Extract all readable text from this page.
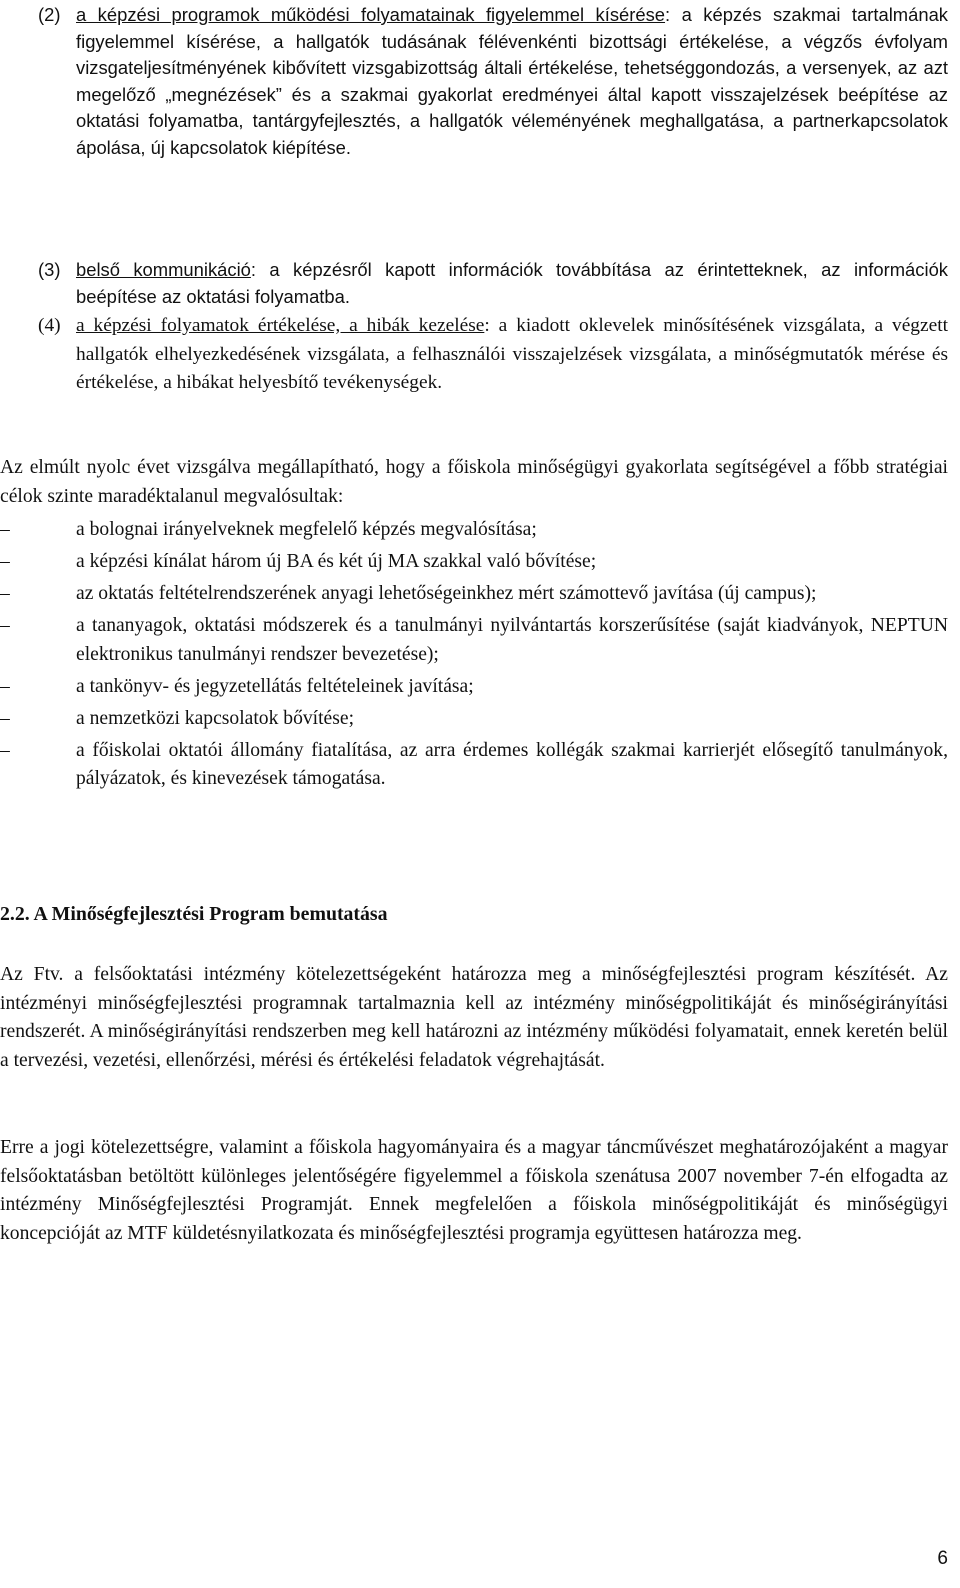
(2) a képzési programok működési folyamatainak figyelemmel kísérése: a képzés szakmai tartalmának figyelemmel kísérése, a hallgatók tudásának félévenkénti bizottsági értékelése, a végzős évfolyam vizsgateljesítményének kibővített vizsgabizottság általi értékelése, tehetséggondozás, a versenyek, az azt megelőző „megnézések” és a szakmai gyakorlat eredményei által kapott visszajelzések beépítése az oktatási folyamatba, tantárgyfejlesztés, a hallgatók véleményének meghallgatása, a partnerkapcsolatok ápolása, új kapcsolatok kiépítése.
(3) belső kommunikáció: a képzésről kapott információk továbbítása az érintetteknek, az információk beépítése az oktatási folyamatba.
(4) a képzési folyamatok értékelése, a hibák kezelése: a kiadott oklevelek minősítésének vizsgálata, a végzett hallgatók elhelyezkedésének vizsgálata, a felhasználói visszajelzések vizsgálata, a minőségmutatók mérése és értékelése, a hibákat helyesbítő tevékenységek.
Az elmúlt nyolc évet vizsgálva megállapítható, hogy a főiskola minőségügyi gyakorlata segítségével a főbb stratégiai célok szinte maradéktalanul megvalósultak:
–	a bolognai irányelveknek megfelelő képzés megvalósítása;
–	a képzési kínálat három új BA és két új MA szakkal való bővítése;
–	az oktatás feltételrendszerének anyagi lehetőségeinkhez mért számottevő javítása (új campus);
–	a tananyagok, oktatási módszerek és a tanulmányi nyilvántartás korszerűsítése (saját kiadványok, NEPTUN elektronikus tanulmányi rendszer bevezetése);
–	a tankönyv- és jegyzetellátás feltételeinek javítása;
–	a nemzetközi kapcsolatok bővítése;
–	a főiskolai oktatói állomány fiatalítása, az arra érdemes kollégák szakmai karrierjét elősegítő tanulmányok, pályázatok, és kinevezések támogatása.
2.2. A Minőségfejlesztési Program bemutatása
Az Ftv. a felsőoktatási intézmény kötelezettségeként határozza meg a minőségfejlesztési program készítését. Az intézményi minőségfejlesztési programnak tartalmaznia kell az intézmény minőségpolitikáját és minőségirányítási rendszerét. A minőségirányítási rendszerben meg kell határozni az intézmény működési folyamatait, ennek keretén belül a tervezési, vezetési, ellenőrzési, mérési és értékelési feladatok végrehajtását.
Erre a jogi kötelezettségre, valamint a főiskola hagyományaira és a magyar táncművészet meghatározójaként a magyar felsőoktatásban betöltött különleges jelentőségére figyelemmel a főiskola szenátusa 2007 november 7-én elfogadta az intézmény Minőségfejlesztési Programját. Ennek megfelelően a főiskola minőségpolitikáját és minőségügyi koncepcióját az MTF küldetésnyilatkozata és minőségfejlesztési programja együttesen határozza meg.
6
